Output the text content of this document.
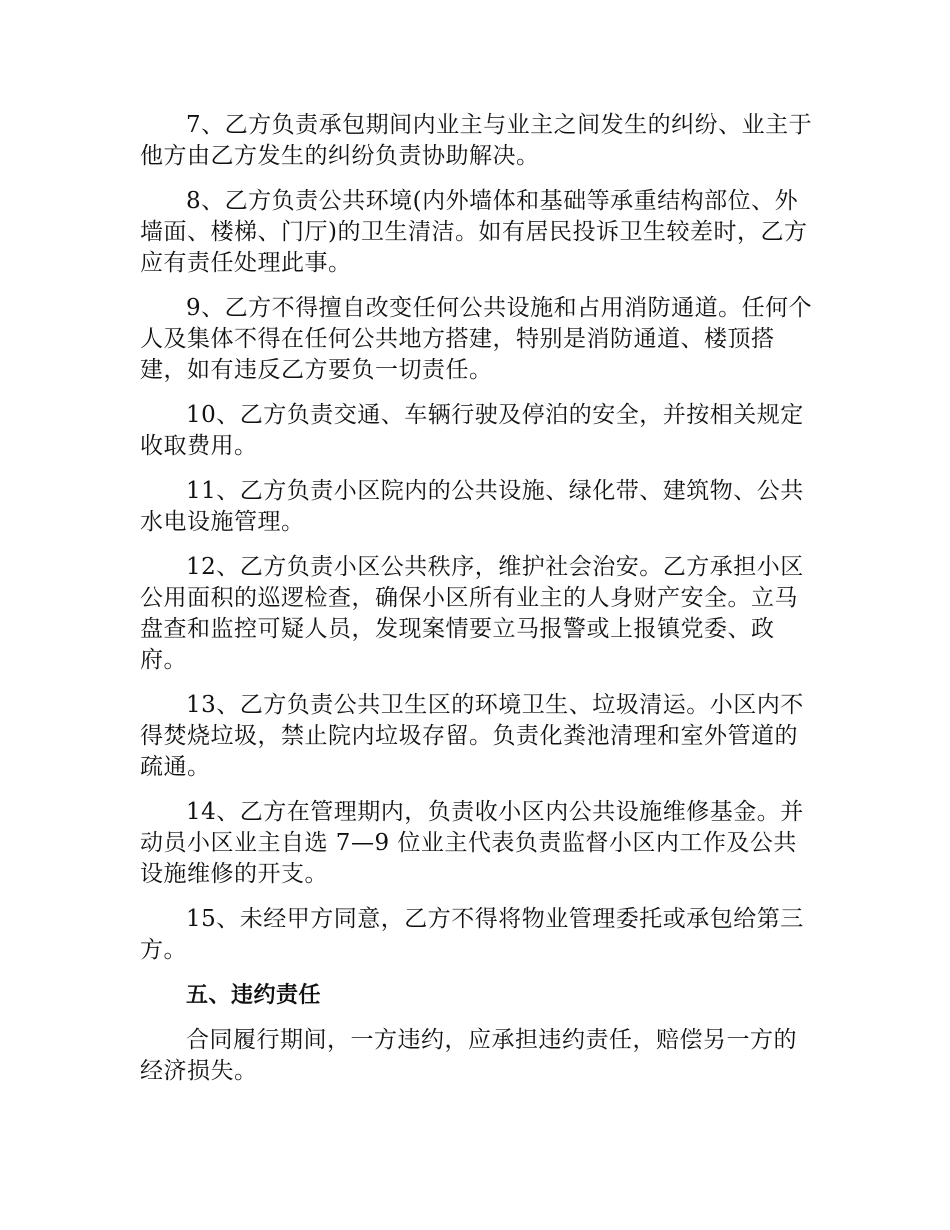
7、乙方负责承包期间内业主与业主之间发生的纠纷、业主于他方由乙方发生的纠纷负责协助解决。

8、乙方负责公共环境(内外墙体和基础等承重结构部位、外墙面、楼梯、门厅)的卫生清洁。如有居民投诉卫生较差时，乙方应有责任处理此事。

9、乙方不得擅自改变任何公共设施和占用消防通道。任何个人及集体不得在任何公共地方搭建，特别是消防通道、楼顶搭建，如有违反乙方要负一切责任。

10、乙方负责交通、车辆行驶及停泊的安全，并按相关规定收取费用。

11、乙方负责小区院内的公共设施、绿化带、建筑物、公共水电设施管理。

12、乙方负责小区公共秩序，维护社会治安。乙方承担小区公用面积的巡逻检查，确保小区所有业主的人身财产安全。立马盘查和监控可疑人员，发现案情要立马报警或上报镇党委、政府。

13、乙方负责公共卫生区的环境卫生、垃圾清运。小区内不得焚烧垃圾，禁止院内垃圾存留。负责化粪池清理和室外管道的疏通。

14、乙方在管理期内，负责收小区内公共设施维修基金。并动员小区业主自选 7—9 位业主代表负责监督小区内工作及公共设施维修的开支。

15、未经甲方同意，乙方不得将物业管理委托或承包给第三方。

五、违约责任

合同履行期间，一方违约，应承担违约责任，赔偿另一方的经济损失。
